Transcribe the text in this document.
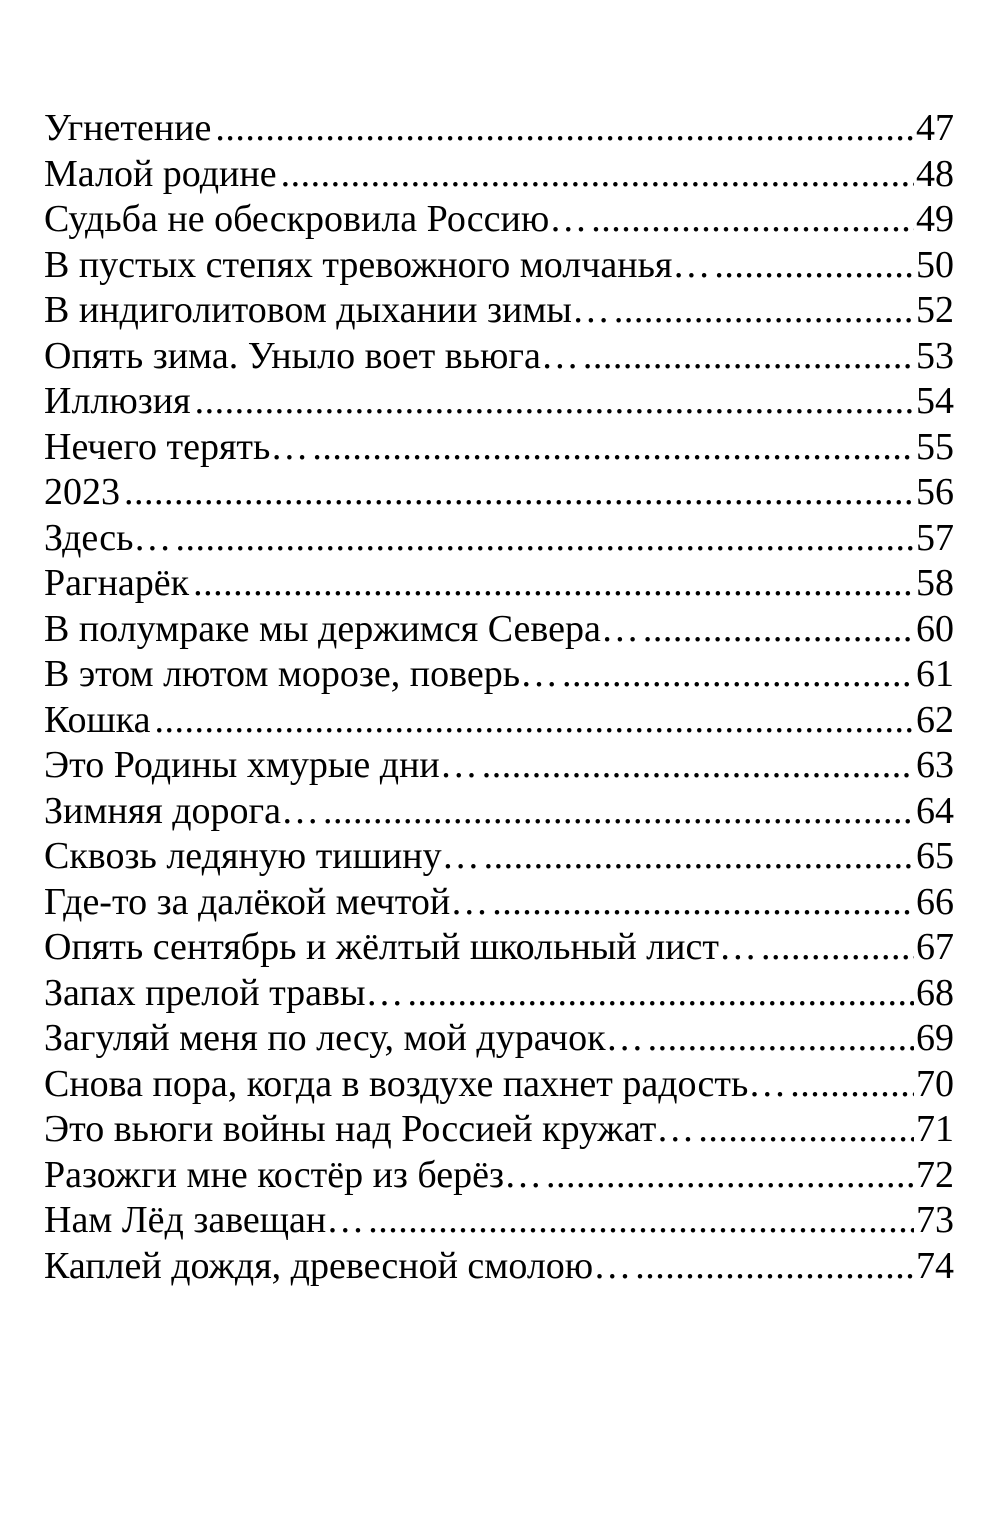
Угнетение .....	47
Малой родине .....	48
Судьба не обескровила Россию… .....	49
В пустых степях тревожного молчанья… .....	50
В индиголитовом дыхании зимы… .....	52
Опять зима. Уныло воет вьюга… .....	53
Иллюзия .....	54
Нечего терять… .....	55
2023 .....	56
Здесь… .....	57
Рагнарёк .....	58
В полумраке мы держимся Севера… .....	60
В этом лютом морозе, поверь… .....	61
Кошка .....	62
Это Родины хмурые дни… .....	63
Зимняя дорога… .....	64
Сквозь ледяную тишину… .....	65
Где-то за далёкой мечтой… .....	66
Опять сентябрь и жёлтый школьный лист… .....	67
Запах прелой травы… .....	68
Загуляй меня по лесу, мой дурачок… .....	69
Снова пора, когда в воздухе пахнет радость… .....	70
Это вьюги войны над Россией кружат… .....	71
Разожги мне костёр из берёз… .....	72
Нам Лёд завещан… .....	73
Каплей дождя, древесной смолою… .....	74
